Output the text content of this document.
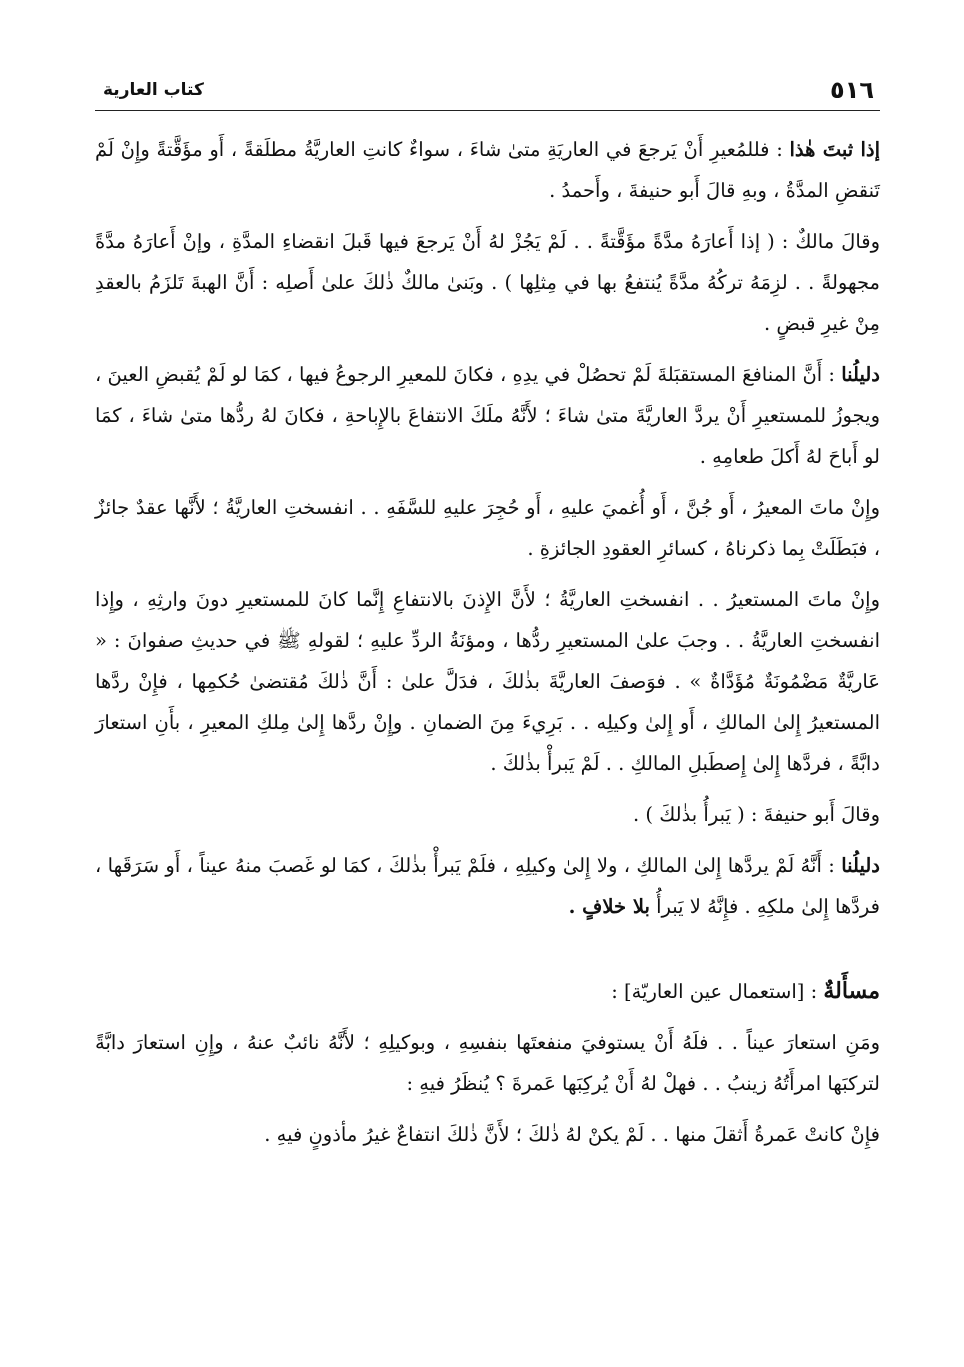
٥١٦
كتاب العارية

إذا ثبتَ هٰذا : فللمُعيرِ أَنْ يَرجعَ في العاريَةِ متىٰ شاءَ ، سواءٌ كانتِ العاريَّةُ مطلَقةً ، أَو مؤَقَّتةً وإِنْ لَمْ تَنقضِ المدَّةُ ، وبهِ قالَ أَبو حنيفةَ ، وأَحمدُ .

وقالَ مالكٌ : ( إذا أَعارَهُ مدَّةً مؤَقَّتةً . . لَمْ يَجُزْ لهُ أَنْ يَرجعَ فيها قَبلَ انقضاءِ المدَّةِ ، وإنْ أَعارَهُ مدَّةً مجهولةً . . لزِمَهُ تركُهُ مدَّةً يُنتفعُ بها في مِثلِها ) . وبَنىٰ مالكٌ ذٰلكَ علىٰ أَصلِه : أَنَّ الهبةَ تَلزَمُ بالعقدِ مِنْ غيرِ قبضٍ .

دليلُنا : أَنَّ المنافعَ المستقبَلةَ لَمْ تحصُلْ في يدِهِ ، فكانَ للمعيرِ الرجوعُ فيها ، كمَا لو لَمْ يُقبضِ العينَ ، ويجوزُ للمستعيرِ أَنْ يردَّ العاريَّةَ متىٰ شاءَ ؛ لأَنَّهُ ملَكَ الانتفاعَ بالإِباحةِ ، فكانَ لهُ ردُّها متىٰ شاءَ ، كمَا لو أَباحَ لهُ أَكلَ طعامِهِ .

وإِنْ ماتَ المعيرُ ، أَو جُنَّ ، أَو أُغميَ عليهِ ، أَو حُجِرَ عليهِ للسَّفَهِ . . انفسختِ العاريَّةُ ؛ لأَنَّها عقدٌ جائزٌ ، فبَطَلَتْ بِما ذكرناهُ ، كسائرِ العقودِ الجائزةِ .

وإِنْ ماتَ المستعيرُ . . انفسختِ العاريَّةُ ؛ لأَنَّ الإِذنَ بالانتفاعِ إِنَّما كانَ للمستعيرِ دونَ وارثِهِ ، وإِذا انفسختِ العاريَّةُ . . وجبَ علىٰ المستعيرِ ردُّها ، ومؤنَةُ الردِّ عليهِ ؛ لقولهِ ﷺ في حديثِ صفوانَ : « عَاريَّةٌ مَضْمُونَةٌ مُؤَدَّاةٌ » . فوَصفَ العاريَّةَ بذٰلكَ ، فدَلَّ علىٰ : أَنَّ ذٰلكَ مُقتضىٰ حُكمِها ، فإِنْ ردَّها المستعيرُ إِلىٰ المالكِ ، أَو إِلىٰ وكيلِه . . بَرِيءَ مِنَ الضمانِ . وإِنْ ردَّها إِلىٰ مِلكِ المعيرِ ، بأَنِ استعارَ دابَّةً ، فردَّها إِلىٰ إِصطَبلِ المالكِ . . لَمْ يَبرأْ بذٰلكَ .

وقالَ أَبو حنيفةَ : ( يَبرأُ بذٰلكَ ) .

دليلُنا : أَنَّهُ لَمْ يردَّها إِلىٰ المالكِ ، ولا إِلىٰ وكيلِهِ ، فلَمْ يَبرأْ بذٰلكَ ، كمَا لو غَصبَ منهُ عيناً ، أَو سَرَقَها ، فردَّها إِلىٰ ملكِهِ . فإِنَّهُ لا يَبرأُ بلا خلافٍ .

مسأَلةٌ : [استعمال عين العاريّة] :

ومَنِ استعارَ عيناً . . فلَهُ أَنْ يستوفيَ منفعتَها بنفسِهِ ، وبوكيلِهِ ؛ لأَنَّهُ نائبٌ عنهُ ، وإِنِ استعارَ دابَّةً لتركبَها امرأَتُهُ زينبُ . . فهلْ لهُ أَنْ يُركِبَها عَمرةَ ؟ يُنظَرُ فيهِ :

فإِنْ كانتْ عَمرةُ أَثقلَ منها . . لَمْ يكنْ لهُ ذٰلكَ ؛ لأَنَّ ذٰلكَ انتفاعٌ غيرُ مأذونٍ فيهِ .
